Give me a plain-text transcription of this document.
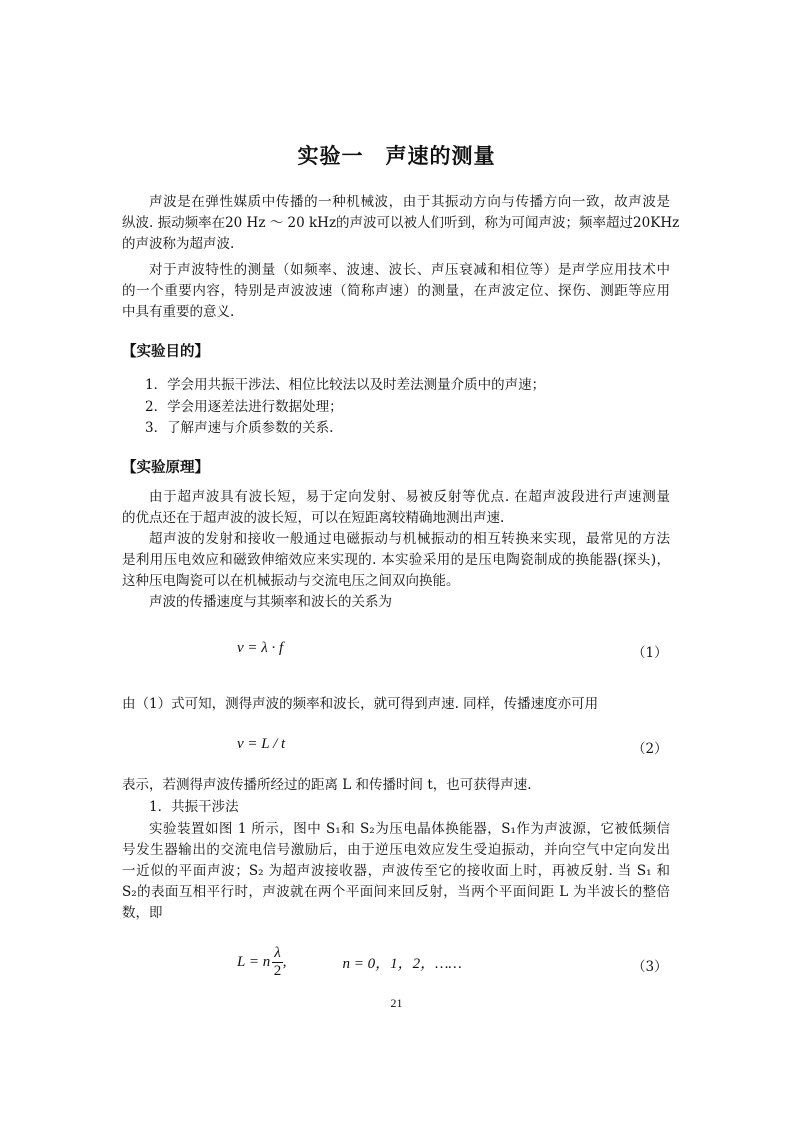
实验一　声速的测量
声波是在弹性媒质中传播的一种机械波，由于其振动方向与传播方向一致，故声波是
纵波. 振动频率在20 Hz ～ 20 kHz的声波可以被人们听到，称为可闻声波；频率超过20KHz
的声波称为超声波.
对于声波特性的测量（如频率、波速、波长、声压衰减和相位等）是声学应用技术中
的一个重要内容，特别是声波波速（简称声速）的测量，在声波定位、探伤、测距等应用
中具有重要的意义.
【实验目的】
1．学会用共振干涉法、相位比较法以及时差法测量介质中的声速；
2．学会用逐差法进行数据处理；
3．了解声速与介质参数的关系.
【实验原理】
由于超声波具有波长短，易于定向发射、易被反射等优点. 在超声波段进行声速测量
的优点还在于超声波的波长短，可以在短距离较精确地测出声速.
超声波的发射和接收一般通过电磁振动与机械振动的相互转换来实现，最常见的方法
是利用压电效应和磁致伸缩效应来实现的. 本实验采用的是压电陶瓷制成的换能器(探头)，
这种压电陶瓷可以在机械振动与交流电压之间双向换能。
声波的传播速度与其频率和波长的关系为
v = λ · f	（1）
由（1）式可知，测得声波的频率和波长，就可得到声速. 同样，传播速度亦可用
v = L / t	（2）
表示，若测得声波传播所经过的距离 L 和传播时间 t，也可获得声速.
1．共振干涉法
实验装置如图 1 所示，图中 S₁和 S₂为压电晶体换能器，S₁作为声波源，它被低频信
号发生器输出的交流电信号激励后，由于逆压电效应发生受迫振动，并向空气中定向发出
一近似的平面声波；S₂ 为超声波接收器，声波传至它的接收面上时，再被反射. 当 S₁ 和
S₂的表面互相平行时，声波就在两个平面间来回反射，当两个平面间距 L 为半波长的整倍
数，即
L = n $\frac{\lambda}{2}$ ,	n = 0，1，2，……	（3）
21
